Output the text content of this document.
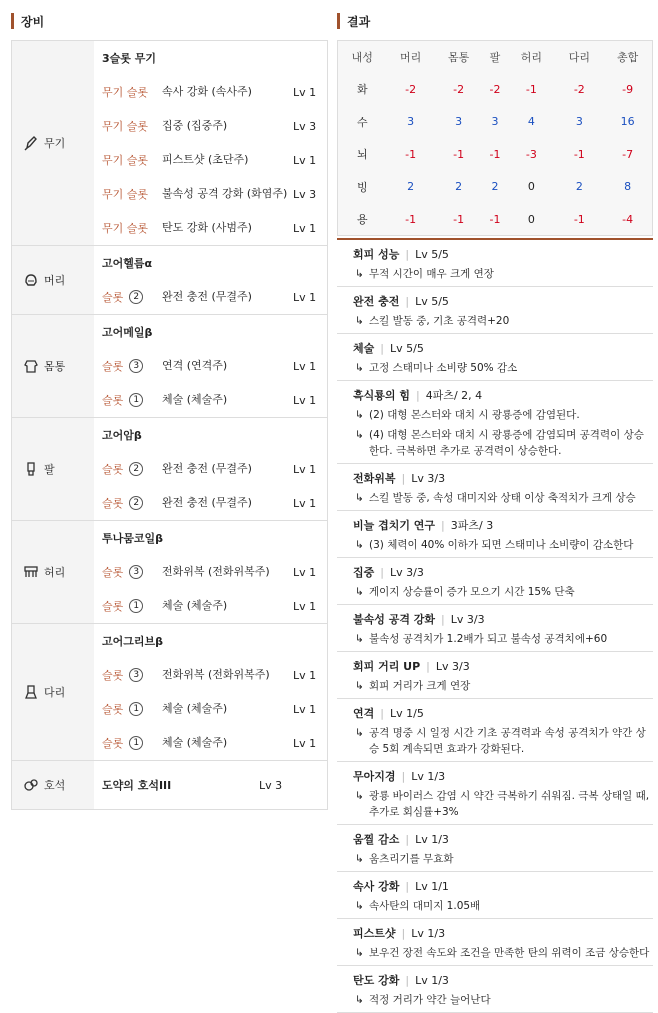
장비	결과
무기
3슬롯 무기
무기 슬롯	속사 강화 (속사주)	Lv 1
무기 슬롯	집중 (집중주)	Lv 3
무기 슬롯	피스트샷 (초단주)	Lv 1
무기 슬롯	불속성 공격 강화 (화염주) Lv 3
무기 슬롯	탄도 강화 (사범주)	Lv 1
머리
고어헬름α
슬롯	2	완전 충전 (무결주)	Lv 1
몸통
고어메일β
슬롯	3	연격 (연격주)	Lv 1
슬롯	1	체술 (체술주)	Lv 1
팔
고어암β
슬롯	2	완전 충전 (무결주)	Lv 1
슬롯	2	완전 충전 (무결주)	Lv 1
허리
투나뭄코일β
슬롯	3	전화위복 (전화위복주)	Lv 1
슬롯	1	체술 (체술주)	Lv 1
다리
고어그리브β
슬롯	3	전화위복 (전화위복주)	Lv 1
슬롯	1	체술 (체술주)	Lv 1
슬롯	1	체술 (체술주)	Lv 1
호석	도약의 호석III	Lv 3
내성	머리	몸통	팔	허리	다리	총합
화	-2	-2	-2	-1	-2	-9
수	3	3	3	4	3	16
뇌	-1	-1	-1	-3	-1	-7
빙	2	2	2	0	2	8
용	-1	-1	-1	0	-1	-4
회피 성능 | Lv 5/5
↳ 무적 시간이 매우 크게 연장
완전 충전 | Lv 5/5
↳ 스킬 발동 중, 기초 공격력+20
체술 | Lv 5/5
↳ 고정 스태미나 소비량 50% 감소
흑식룡의 힘 | 4파츠/ 2, 4
↳ (2) 대형 몬스터와 대치 시 광룡증에 감염된다.
↳ (4) 대형 몬스터와 대치 시 광룡증에 감염되며 공격력이 상승한다. 극복하면 추가로 공격력이 상승한다.
전화위복 | Lv 3/3
↳ 스킬 발동 중, 속성 대미지와 상태 이상 축적치가 크게 상승
비늘 겹치기 연구 | 3파츠/ 3
↳ (3) 체력이 40% 이하가 되면 스태미나 소비량이 감소한다
집중 | Lv 3/3
↳ 게이지 상승률이 증가 모으기 시간 15% 단축
불속성 공격 강화 | Lv 3/3
↳ 불속성 공격치가 1.2배가 되고 불속성 공격치에+60
회피 거리 UP | Lv 3/3
↳ 회피 거리가 크게 연장
연격 | Lv 1/5
↳ 공격 명중 시 일정 시간 기초 공격력과 속성 공격치가 약간 상승 5회 계속되면 효과가 강화된다.
무아지경 | Lv 1/3
↳ 광룡 바이러스 감염 시 약간 극복하기 쉬워짐. 극복 상태일 때, 추가로 회심률+3%
움찔 감소 | Lv 1/3
↳ 움츠리기를 무효화
속사 강화 | Lv 1/1
↳ 속사탄의 대미지 1.05배
피스트샷 | Lv 1/3
↳ 보우건 장전 속도와 조건을 만족한 탄의 위력이 조금 상승한다
탄도 강화 | Lv 1/3
↳ 적정 거리가 약간 늘어난다
